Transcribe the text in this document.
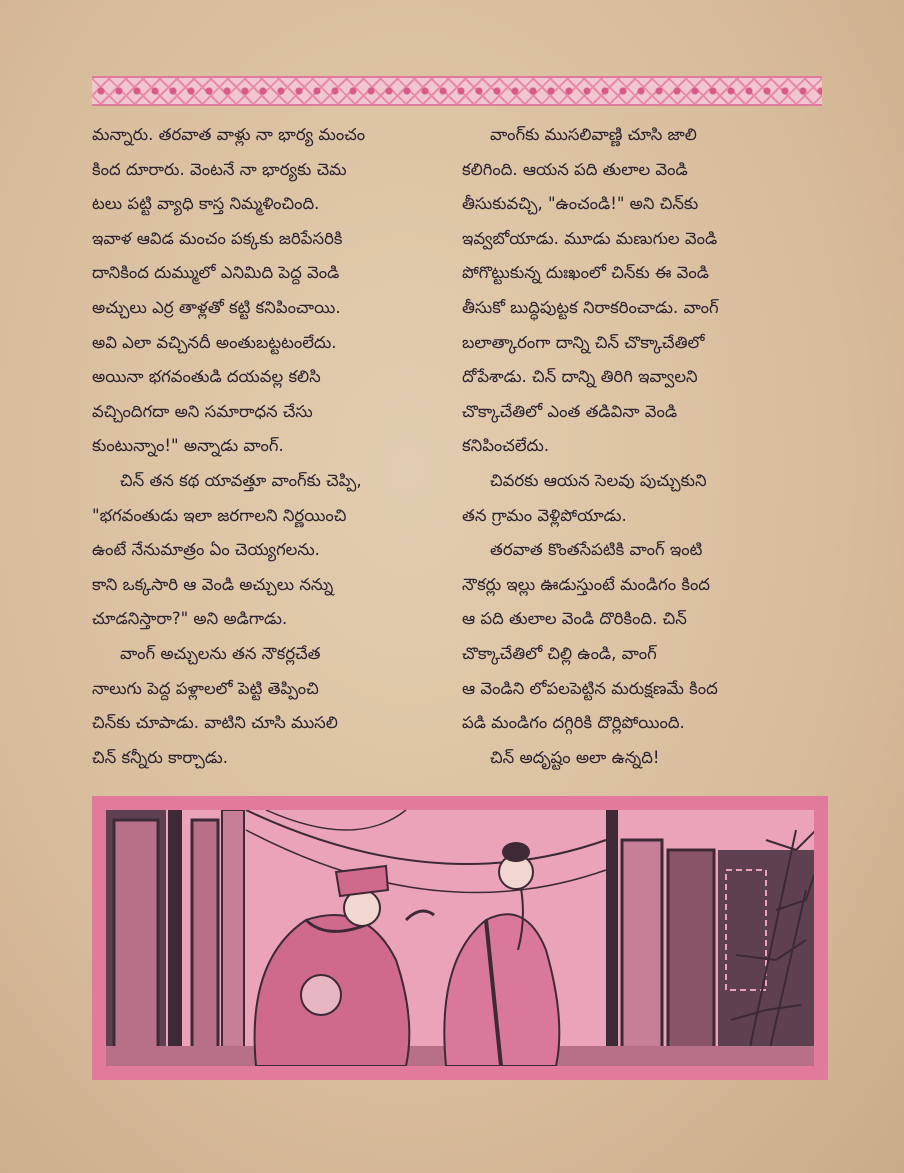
మన్నారు. తరవాత వాళ్లు నా భార్య మంచం
కింద దూరారు. వెంటనే నా భార్యకు చెమ
టలు పట్టి వ్యాధి కాస్త నిమ్మళించింది.
ఇవాళ ఆవిడ మంచం పక్కకు జరిపేసరికి
దానికింద దుమ్ములో ఎనిమిది పెద్ద వెండి
అచ్చులు ఎర్ర తాళ్లతో కట్టి కనిపించాయి.
అవి ఎలా వచ్చినదీ అంతుబట్టటంలేదు.
అయినా భగవంతుడి దయవల్ల కలిసి
వచ్చిందిగదా అని సమారాధన చేసు
కుంటున్నాం!" అన్నాడు వాంగ్.

చిన్ తన కథ యావత్తూ వాంగ్‌కు చెప్పి,
"భగవంతుడు ఇలా జరగాలని నిర్ణయించి
ఉంటే నేనుమాత్రం ఏం చెయ్యగలను.
కాని ఒక్కసారి ఆ వెండి అచ్చులు నన్ను
చూడనిస్తారా?" అని అడిగాడు.

వాంగ్ అచ్చులను తన నౌకర్లచేత
నాలుగు పెద్ద పళ్లాలలో పెట్టి తెప్పించి
చిన్‌కు చూపాడు. వాటిని చూసి ముసలి
చిన్ కన్నీరు కార్చాడు.

వాంగ్‌కు ముసలివాణ్ణి చూసి జాలి
కలిగింది. ఆయన పది తులాల వెండి
తీసుకువచ్చి, "ఉంచండి!" అని చిన్‌కు
ఇవ్వబోయాడు. మూడు మణుగుల వెండి
పోగొట్టుకున్న దుఃఖంలో చిన్‌కు ఈ వెండి
తీసుకో బుద్ధిపుట్టక నిరాకరించాడు. వాంగ్
బలాత్కారంగా దాన్ని చిన్ చొక్కాచేతిలో
దోపేశాడు. చిన్ దాన్ని తిరిగి ఇవ్వాలని
చొక్కాచేతిలో ఎంత తడివినా వెండి
కనిపించలేదు.

చివరకు ఆయన సెలవు పుచ్చుకుని
తన గ్రామం వెళ్లిపోయాడు.

తరవాత కొంతసేపటికి వాంగ్ ఇంటి
నౌకర్లు ఇల్లు ఊడుస్తుంటే మండిగం కింద
ఆ పది తులాల వెండి దొరికింది. చిన్
చొక్కాచేతిలో చిల్లి ఉండి, వాంగ్
ఆ వెండిని లోపలపెట్టిన మరుక్షణమే కింద
పడి మండిగం దగ్గిరికి దొర్లిపోయింది.

చిన్ అదృష్టం అలా ఉన్నది!
